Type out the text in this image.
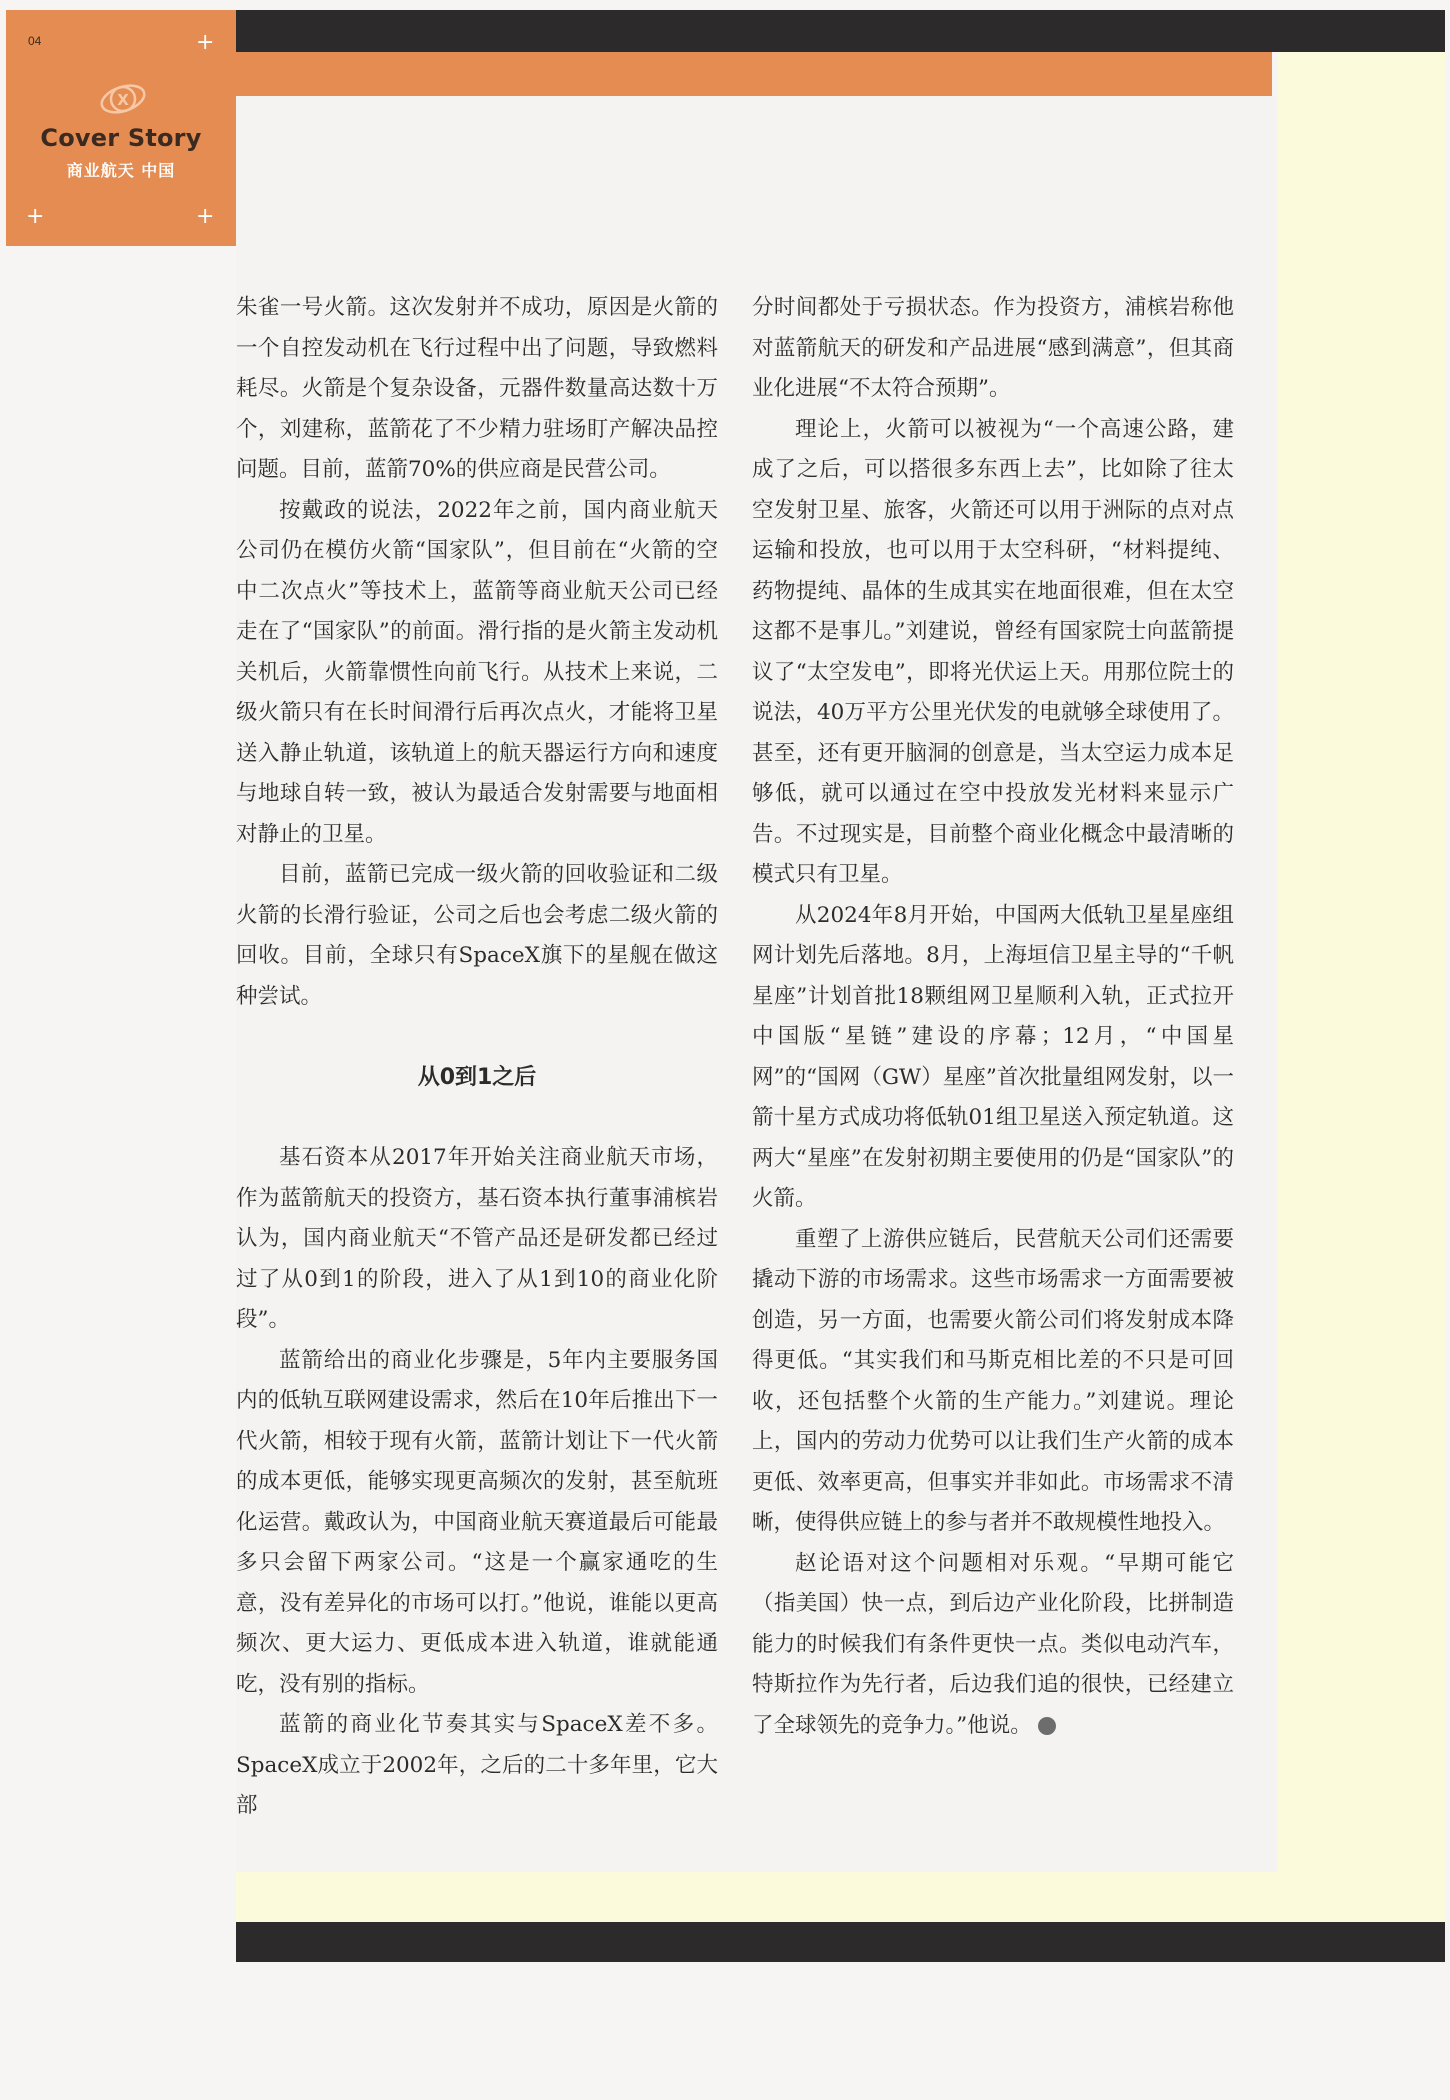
04	+
+	+
X
Cover Story
商业航天 中国

朱雀一号火箭。这次发射并不成功，原因是火箭的一个自控发动机在飞行过程中出了问题，导致燃料耗尽。火箭是个复杂设备，元器件数量高达数十万个，刘建称，蓝箭花了不少精力驻场盯产解决品控问题。目前，蓝箭70%的供应商是民营公司。

按戴政的说法，2022年之前，国内商业航天公司仍在模仿火箭“国家队”，但目前在“火箭的空中二次点火”等技术上，蓝箭等商业航天公司已经走在了“国家队”的前面。滑行指的是火箭主发动机关机后，火箭靠惯性向前飞行。从技术上来说，二级火箭只有在长时间滑行后再次点火，才能将卫星送入静止轨道，该轨道上的航天器运行方向和速度与地球自转一致，被认为最适合发射需要与地面相对静止的卫星。

目前，蓝箭已完成一级火箭的回收验证和二级火箭的长滑行验证，公司之后也会考虑二级火箭的回收。目前，全球只有SpaceX旗下的星舰在做这种尝试。

从0到1之后

基石资本从2017年开始关注商业航天市场，作为蓝箭航天的投资方，基石资本执行董事浦槟岩认为，国内商业航天“不管产品还是研发都已经过过了从0到1的阶段，进入了从1到10的商业化阶段”。

蓝箭给出的商业化步骤是，5年内主要服务国内的低轨互联网建设需求，然后在10年后推出下一代火箭，相较于现有火箭，蓝箭计划让下一代火箭的成本更低，能够实现更高频次的发射，甚至航班化运营。戴政认为，中国商业航天赛道最后可能最多只会留下两家公司。“这是一个赢家通吃的生意，没有差异化的市场可以打。”他说，谁能以更高频次、更大运力、更低成本进入轨道，谁就能通吃，没有别的指标。

蓝箭的商业化节奏其实与SpaceX差不多。SpaceX成立于2002年，之后的二十多年里，它大部

分时间都处于亏损状态。作为投资方，浦槟岩称他对蓝箭航天的研发和产品进展“感到满意”，但其商业化进展“不太符合预期”。

理论上，火箭可以被视为“一个高速公路，建成了之后，可以搭很多东西上去”，比如除了往太空发射卫星、旅客，火箭还可以用于洲际的点对点运输和投放，也可以用于太空科研，“材料提纯、药物提纯、晶体的生成其实在地面很难，但在太空这都不是事儿。”刘建说，曾经有国家院士向蓝箭提议了“太空发电”，即将光伏运上天。用那位院士的说法，40万平方公里光伏发的电就够全球使用了。甚至，还有更开脑洞的创意是，当太空运力成本足够低，就可以通过在空中投放发光材料来显示广告。不过现实是，目前整个商业化概念中最清晰的模式只有卫星。

从2024年8月开始，中国两大低轨卫星星座组网计划先后落地。8月，上海垣信卫星主导的“千帆星座”计划首批18颗组网卫星顺利入轨，正式拉开中国版“星链”建设的序幕；12月，“中国星网”的“国网（GW）星座”首次批量组网发射，以一箭十星方式成功将低轨01组卫星送入预定轨道。这两大“星座”在发射初期主要使用的仍是“国家队”的火箭。

重塑了上游供应链后，民营航天公司们还需要撬动下游的市场需求。这些市场需求一方面需要被创造，另一方面，也需要火箭公司们将发射成本降得更低。“其实我们和马斯克相比差的不只是可回收，还包括整个火箭的生产能力。”刘建说。理论上，国内的劳动力优势可以让我们生产火箭的成本更低、效率更高，但事实并非如此。市场需求不清晰，使得供应链上的参与者并不敢规模性地投入。

赵论语对这个问题相对乐观。“早期可能它（指美国）快一点，到后边产业化阶段，比拼制造能力的时候我们有条件更快一点。类似电动汽车，特斯拉作为先行者，后边我们追的很快，已经建立了全球领先的竞争力。”他说。
